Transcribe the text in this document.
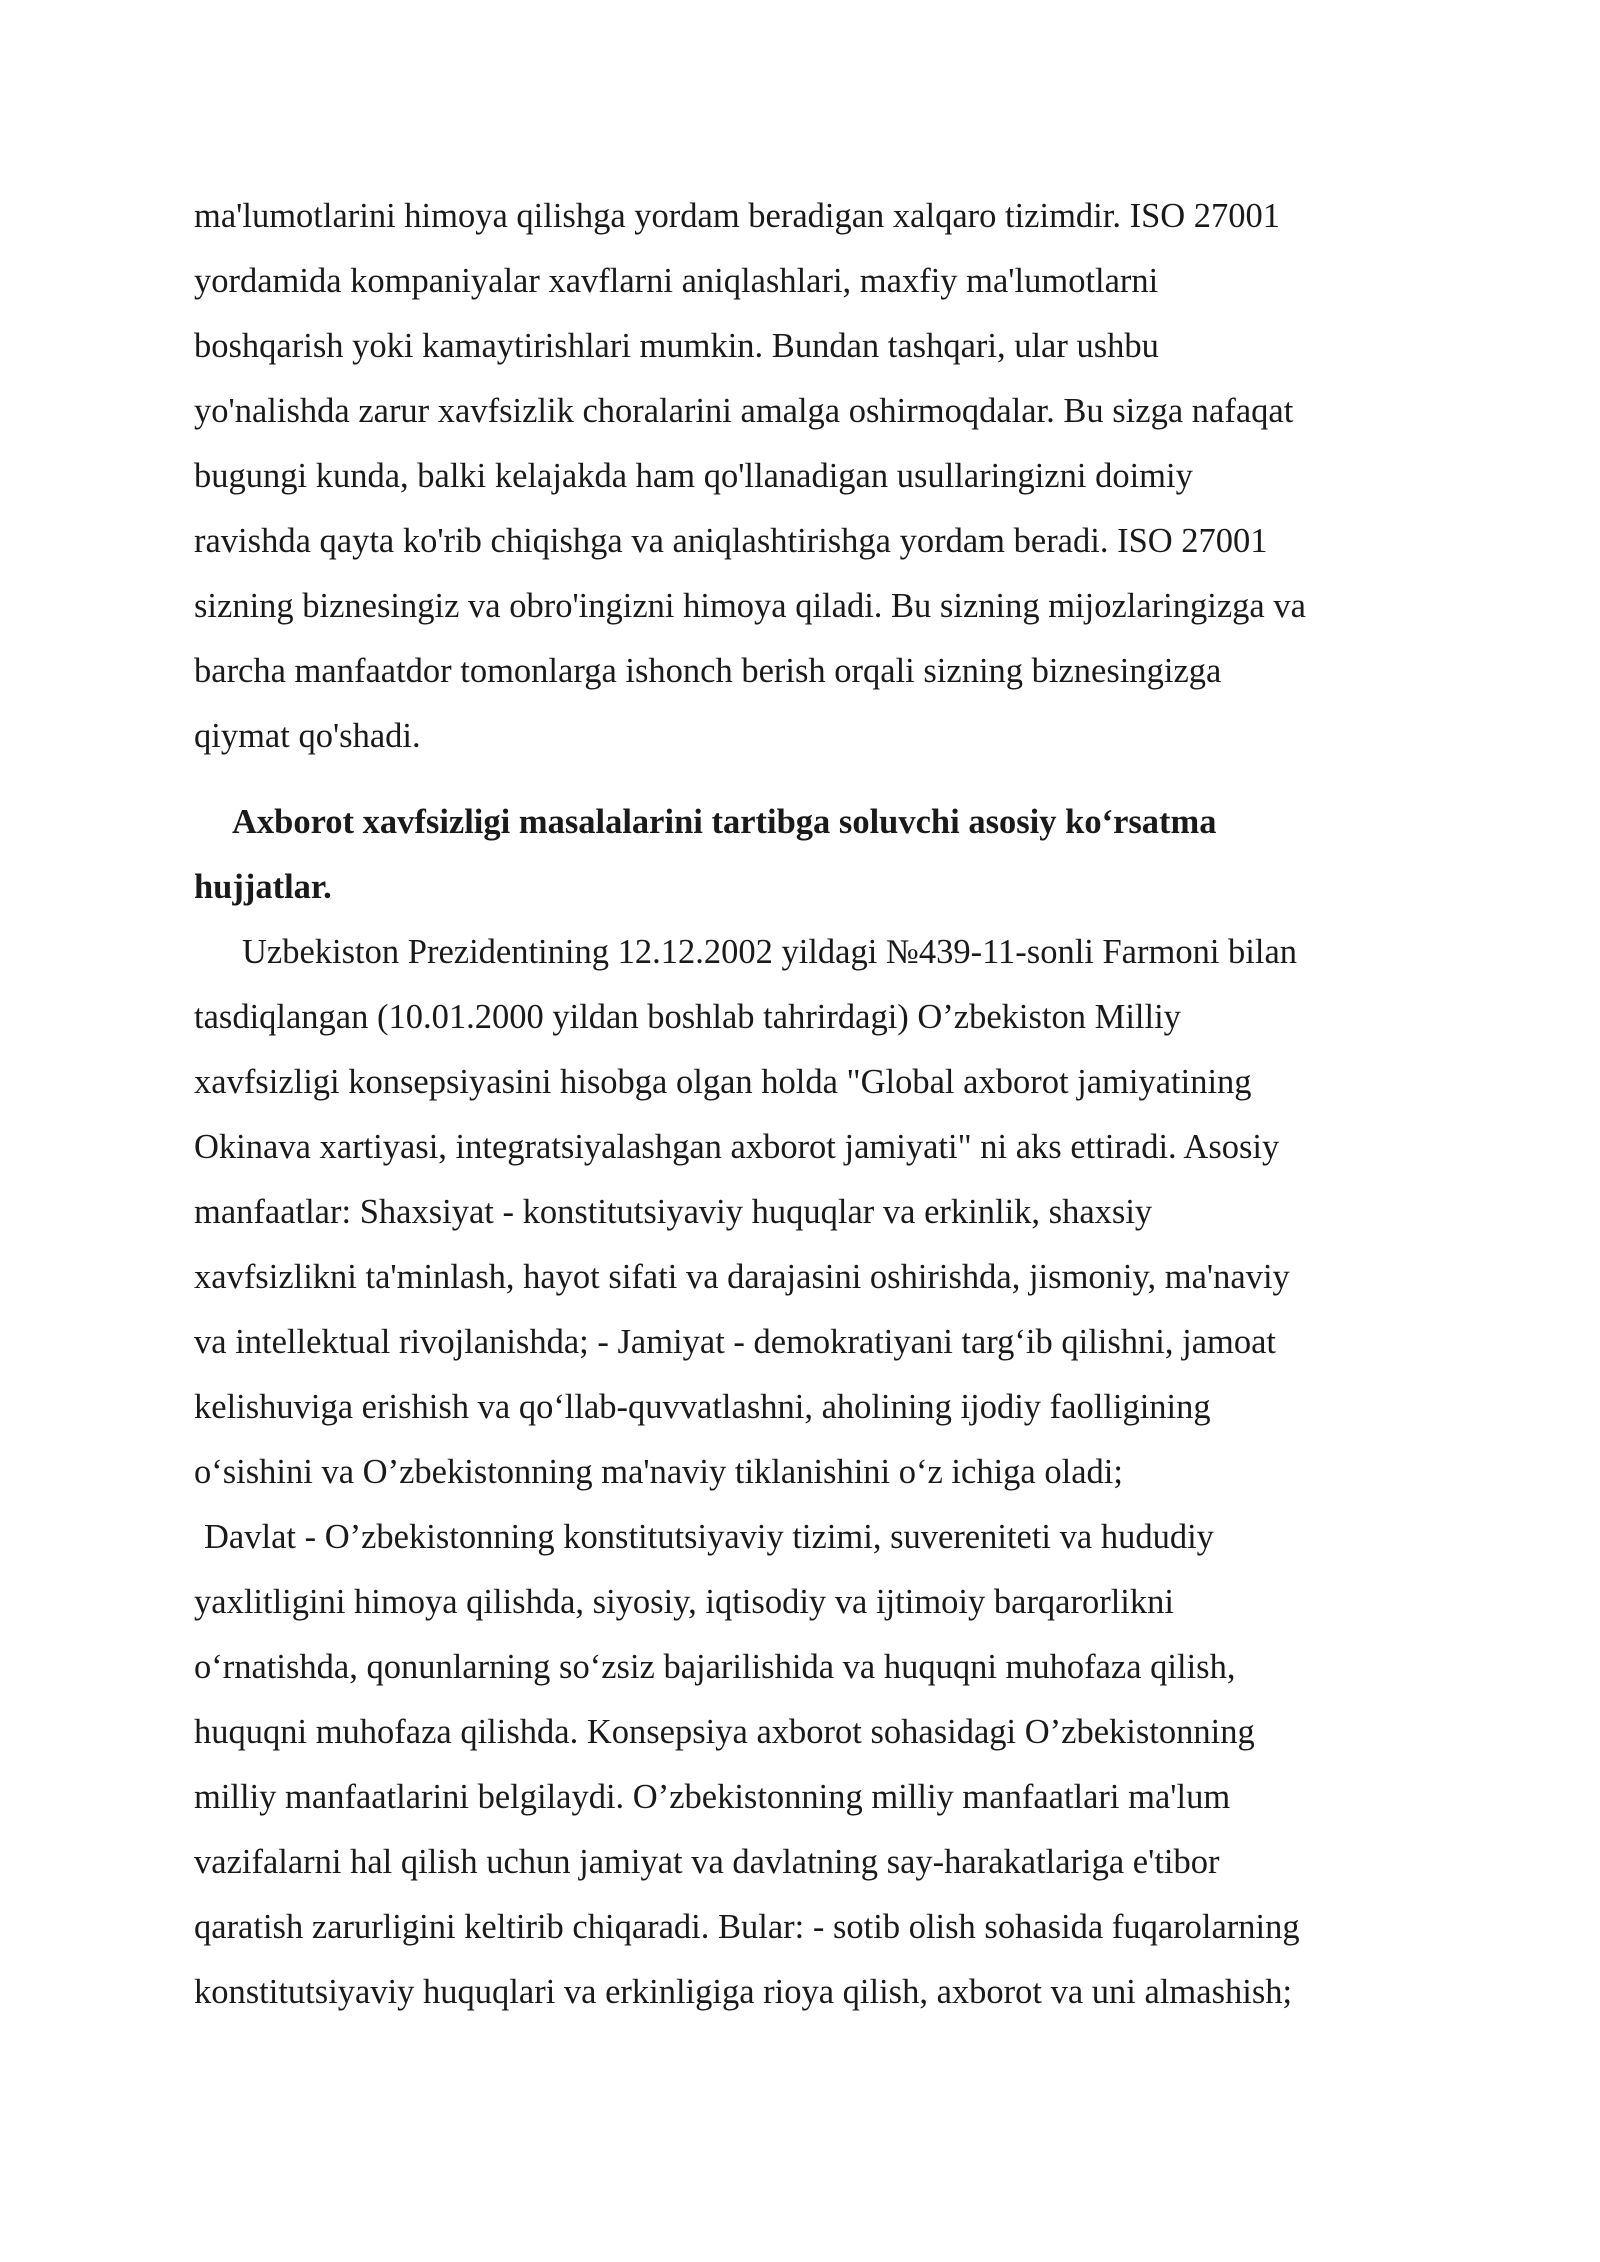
ma'lumotlarini himoya qilishga yordam beradigan xalqaro tizimdir. ISO 27001
yordamida kompaniyalar xavflarni aniqlashlari, maxfiy ma'lumotlarni
boshqarish yoki kamaytirishlari mumkin. Bundan tashqari, ular ushbu
yo'nalishda zarur xavfsizlik choralarini amalga oshirmoqdalar. Bu sizga nafaqat
bugungi kunda, balki kelajakda ham qo'llanadigan usullaringizni doimiy
ravishda qayta ko'rib chiqishga va aniqlashtirishga yordam beradi. ISO 27001
sizning biznesingiz va obro'ingizni himoya qiladi. Bu sizning mijozlaringizga va
barcha manfaatdor tomonlarga ishonch berish orqali sizning biznesingizga
qiymat qo'shadi.
Axborot xavfsizligi masalalarini tartibga soluvchi asosiy ko‘rsatma
hujjatlar.
Uzbekiston Prezidentining 12.12.2002 yildagi №439-11-sonli Farmoni bilan
tasdiqlangan (10.01.2000 yildan boshlab tahrirdagi) O’zbekiston Milliy
xavfsizligi konsepsiyasini hisobga olgan holda "Global axborot jamiyatining
Okinava xartiyasi, integratsiyalashgan axborot jamiyati" ni aks ettiradi. Asosiy
manfaatlar: Shaxsiyat - konstitutsiyaviy huquqlar va erkinlik, shaxsiy
xavfsizlikni ta'minlash, hayot sifati va darajasini oshirishda, jismoniy, ma'naviy
va intellektual rivojlanishda; - Jamiyat - demokratiyani targ‘ib qilishni, jamoat
kelishuviga erishish va qo‘llab-quvvatlashni, aholining ijodiy faolligining
o‘sishini va O’zbekistonning ma'naviy tiklanishini o‘z ichiga oladi;
Davlat - O’zbekistonning konstitutsiyaviy tizimi, suvereniteti va hududiy
yaxlitligini himoya qilishda, siyosiy, iqtisodiy va ijtimoiy barqarorlikni
o‘rnatishda, qonunlarning so‘zsiz bajarilishida va huquqni muhofaza qilish,
huquqni muhofaza qilishda. Konsepsiya axborot sohasidagi O’zbekistonning
milliy manfaatlarini belgilaydi. O’zbekistonning milliy manfaatlari ma'lum
vazifalarni hal qilish uchun jamiyat va davlatning say-harakatlariga e'tibor
qaratish zarurligini keltirib chiqaradi. Bular: - sotib olish sohasida fuqarolarning
konstitutsiyaviy huquqlari va erkinligiga rioya qilish, axborot va uni almashish;
